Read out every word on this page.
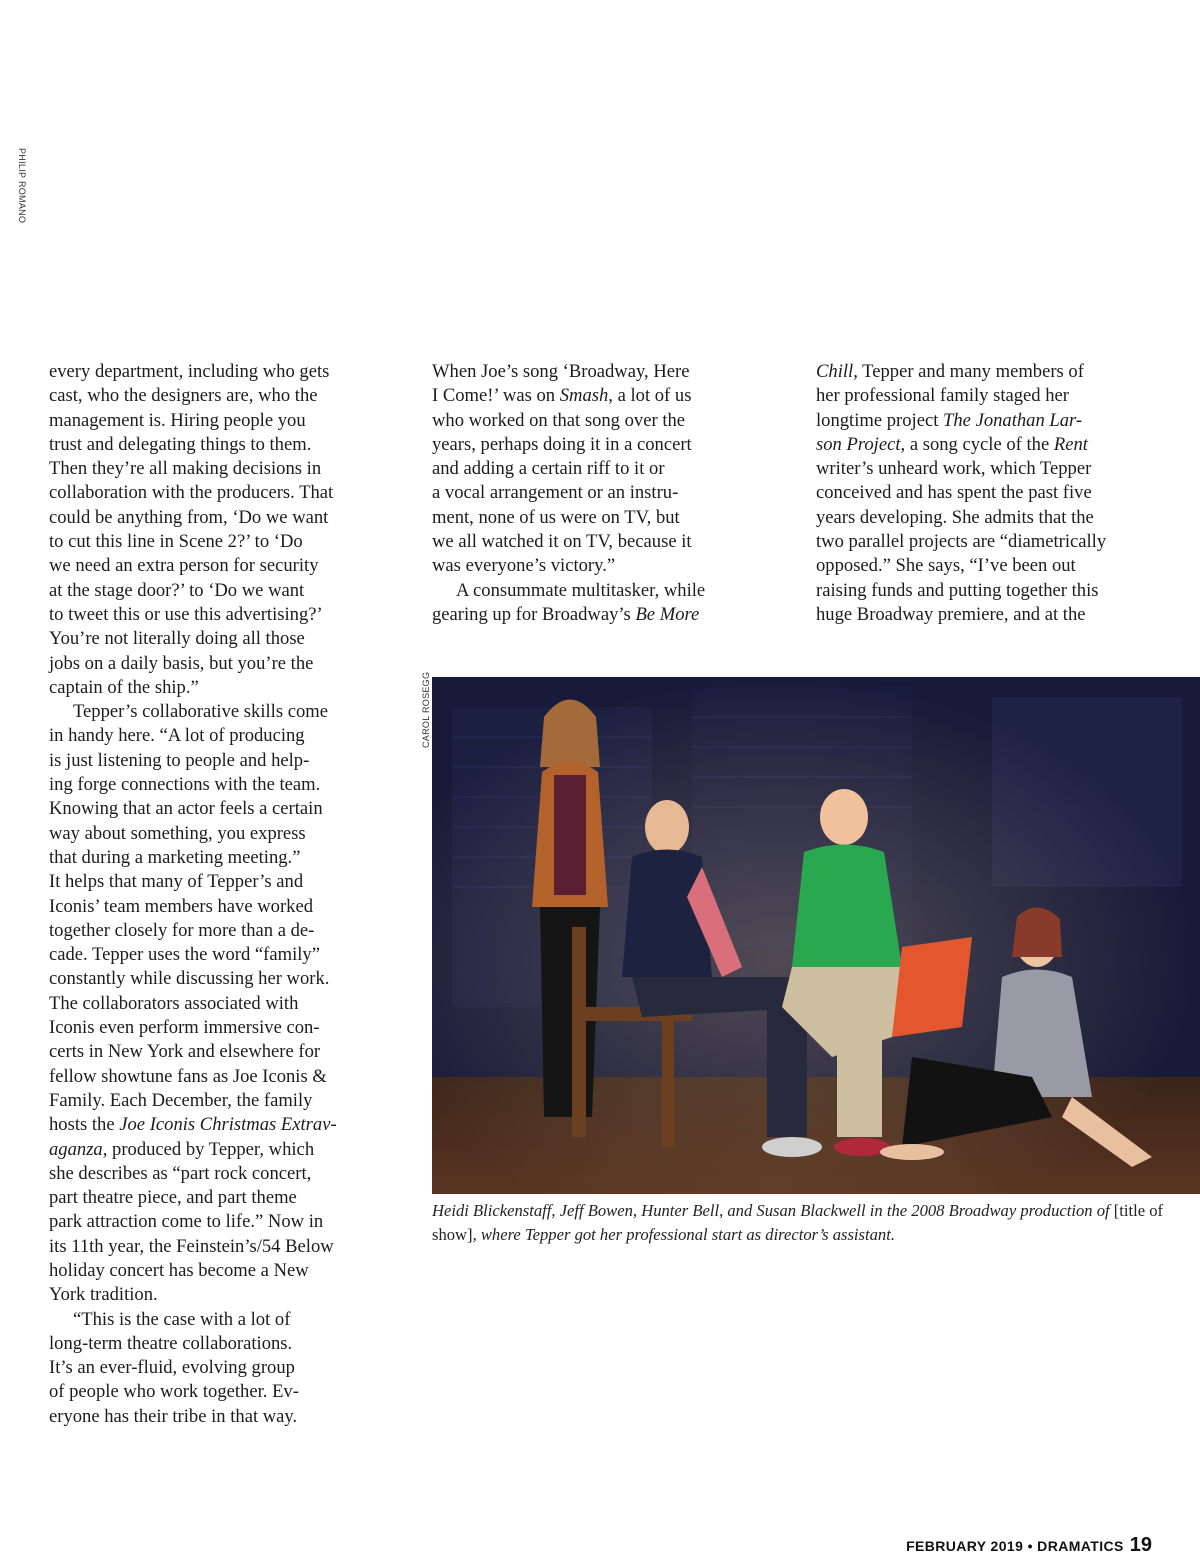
PHILIP ROMANO
every department, including who gets
cast, who the designers are, who the
management is. Hiring people you
trust and delegating things to them.
Then they’re all making decisions in
collaboration with the producers. That
could be anything from, ‘Do we want
to cut this line in Scene 2?’ to ‘Do
we need an extra person for security
at the stage door?’ to ‘Do we want
to tweet this or use this advertising?’
You’re not literally doing all those
jobs on a daily basis, but you’re the
captain of the ship.”
Tepper’s collaborative skills come
in handy here. “A lot of producing
is just listening to people and help-
ing forge connections with the team.
Knowing that an actor feels a certain
way about something, you express
that during a marketing meeting.”
It helps that many of Tepper’s and
Iconis’ team members have worked
together closely for more than a de-
cade. Tepper uses the word “family”
constantly while discussing her work.
The collaborators associated with
Iconis even perform immersive con-
certs in New York and elsewhere for
fellow showtune fans as Joe Iconis &
Family. Each December, the family
hosts the Joe Iconis Christmas Extrav-
aganza, produced by Tepper, which
she describes as “part rock concert,
part theatre piece, and part theme
park attraction come to life.” Now in
its 11th year, the Feinstein’s/54 Below
holiday concert has become a New
York tradition.
“This is the case with a lot of
long-term theatre collaborations.
It’s an ever-fluid, evolving group
of people who work together. Ev-
eryone has their tribe in that way.
When Joe’s song ‘Broadway, Here
I Come!’ was on Smash, a lot of us
who worked on that song over the
years, perhaps doing it in a concert
and adding a certain riff to it or
a vocal arrangement or an instru-
ment, none of us were on TV, but
we all watched it on TV, because it
was everyone’s victory.”
A consummate multitasker, while
gearing up for Broadway’s Be More
Chill, Tepper and many members of
her professional family staged her
longtime project The Jonathan Lar-
son Project, a song cycle of the Rent
writer’s unheard work, which Tepper
conceived and has spent the past five
years developing. She admits that the
two parallel projects are “diametrically
opposed.” She says, “I’ve been out
raising funds and putting together this
huge Broadway premiere, and at the
CAROL ROSEGG
Heidi Blickenstaff, Jeff Bowen, Hunter Bell, and Susan Blackwell in the 2008 Broadway production of [title of show], where Tepper got her professional start as director’s assistant.
FEBRUARY 2019 • DRAMATICS 19
